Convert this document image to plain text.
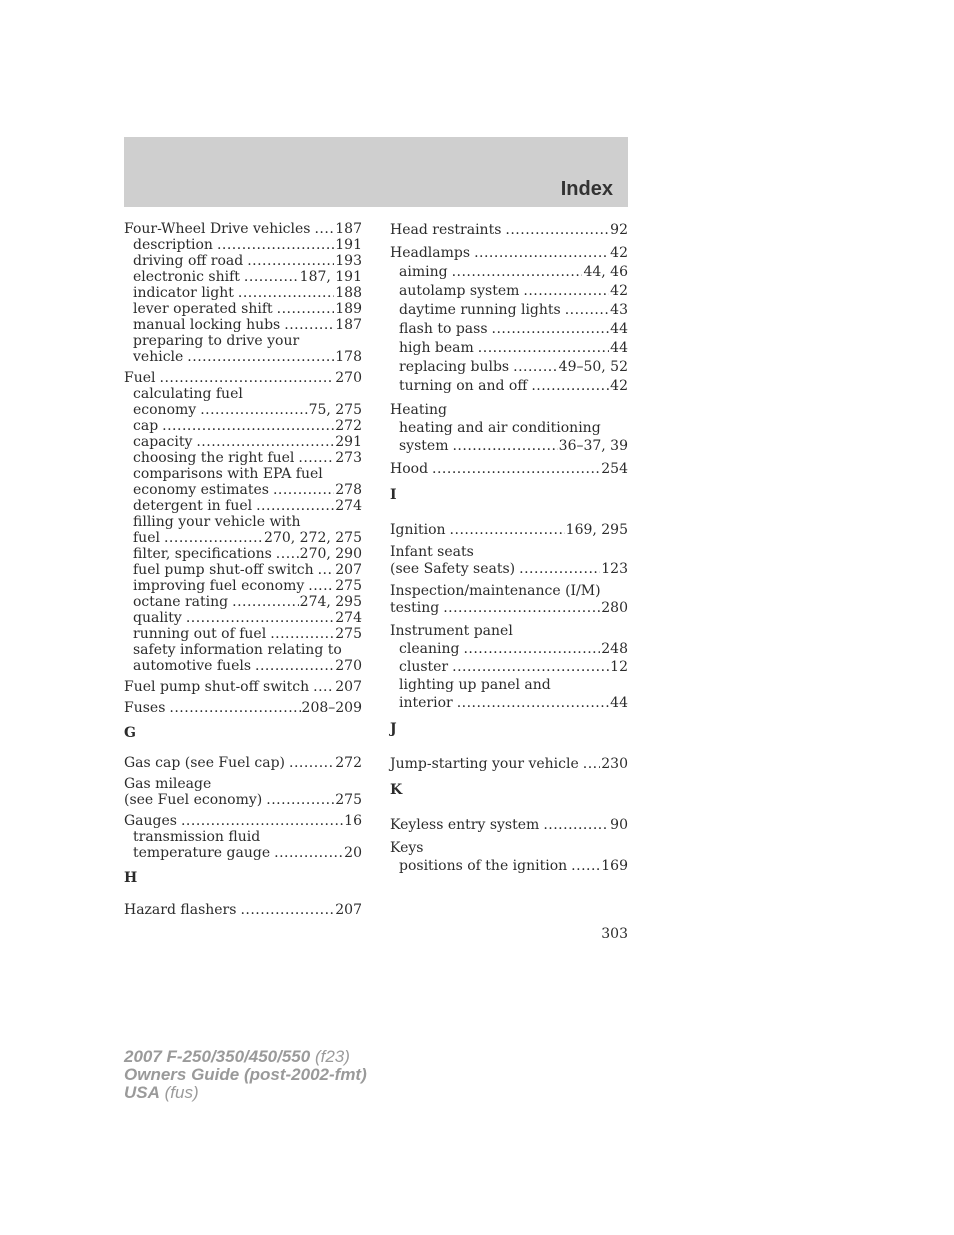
Index
Four-Wheel Drive vehicles ..... 187
description .....	191
driving off road .....	193
electronic shift .....	187, 191
indicator light .....	188
lever operated shift .....	189
manual locking hubs .....	187
preparing to drive your
vehicle .....	178
Fuel .....	270
calculating fuel
economy .....	75, 275
cap .....	272
capacity .....	291
choosing the right fuel .....	273
comparisons with EPA fuel
economy estimates .....	278
detergent in fuel .....	274
filling your vehicle with
fuel .....	270, 272, 275
filter, specifications ..... 270, 290
fuel pump shut-off switch ..... 207
improving fuel economy ..... 275
octane rating .....	274, 295
quality .....	274
running out of fuel .....	275
safety information relating to
automotive fuels .....	270
Fuel pump shut-off switch ..... 207
Fuses .....	208–209
G
Gas cap (see Fuel cap) .....	272
Gas mileage
(see Fuel economy) .....	275
Gauges .....	16
transmission fluid
temperature gauge .....	20
H
Hazard flashers .....	207
Head restraints .....	92
Headlamps .....	42
aiming .....	44, 46
autolamp system .....	42
daytime running lights .....	43
flash to pass .....	44
high beam .....	44
replacing bulbs .....	49–50, 52
turning on and off .....	42
Heating
heating and air conditioning
system .....	36–37, 39
Hood .....	254
I
Ignition .....	169, 295
Infant seats
(see Safety seats) .....	123
Inspection/maintenance (I/M)
testing .....	280
Instrument panel
cleaning .....	248
cluster .....	12
lighting up panel and
interior .....	44
J
Jump-starting your vehicle ..... 230
K
Keyless entry system .....	90
Keys
positions of the ignition ..... 169
303
2007 F-250/350/450/550 (f23)
Owners Guide (post-2002-fmt)
USA (fus)
